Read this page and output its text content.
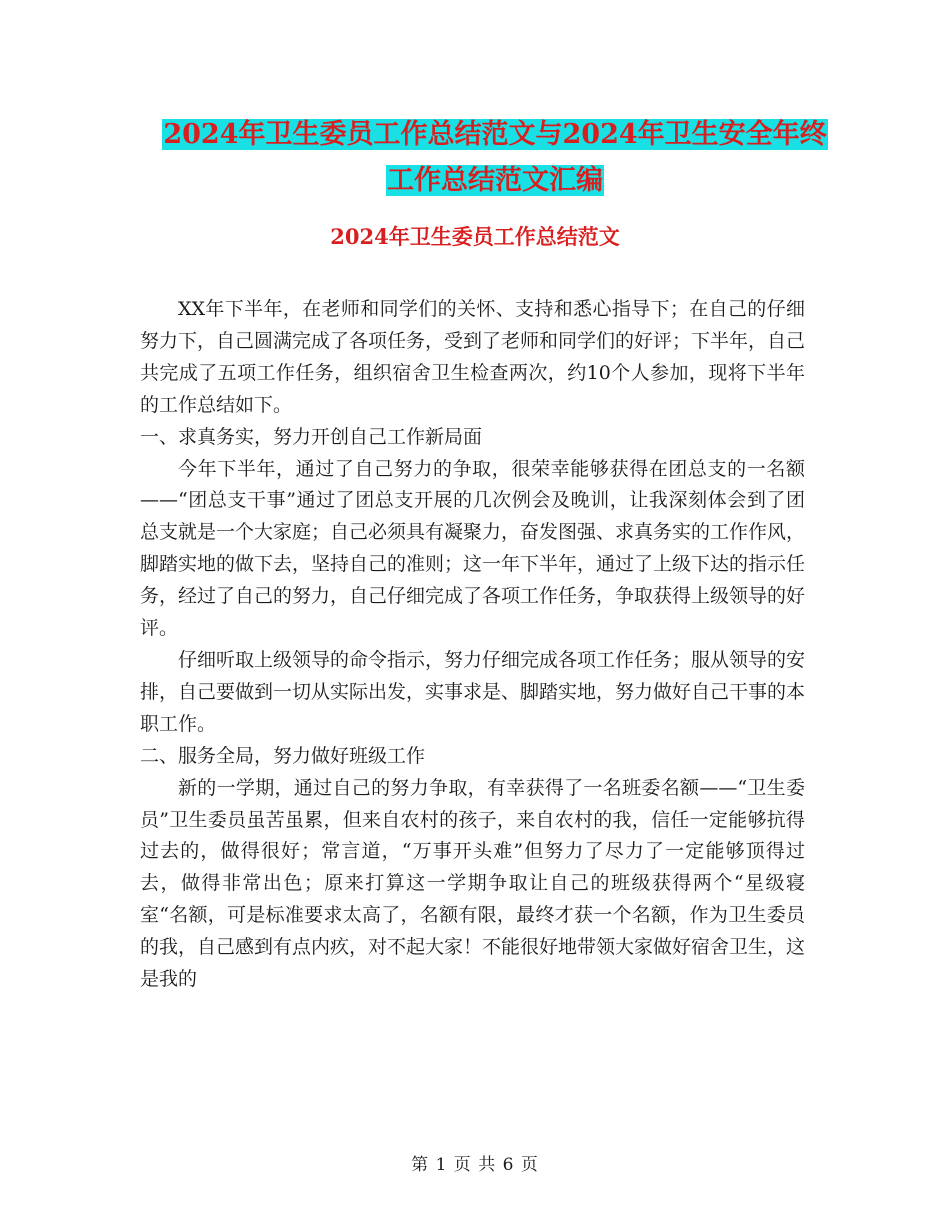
2024年卫生委员工作总结范文与2024年卫生安全年终
工作总结范文汇编
2024年卫生委员工作总结范文

XX年下半年，在老师和同学们的关怀、支持和悉心指导下；在自己的仔细努力下，自己圆满完成了各项任务，受到了老师和同学们的好评；下半年，自己共完成了五项工作任务，组织宿舍卫生检查两次，约10个人参加，现将下半年的工作总结如下。

一、求真务实，努力开创自己工作新局面

今年下半年，通过了自己努力的争取，很荣幸能够获得在团总支的一名额——“团总支干事”通过了团总支开展的几次例会及晚训，让我深刻体会到了团总支就是一个大家庭；自己必须具有凝聚力，奋发图强、求真务实的工作作风，脚踏实地的做下去，坚持自己的准则；这一年下半年，通过了上级下达的指示任务，经过了自己的努力，自己仔细完成了各项工作任务，争取获得上级领导的好评。

仔细听取上级领导的命令指示，努力仔细完成各项工作任务；服从领导的安排，自己要做到一切从实际出发，实事求是、脚踏实地，努力做好自己干事的本职工作。

二、服务全局，努力做好班级工作

新的一学期，通过自己的努力争取，有幸获得了一名班委名额——“卫生委员”卫生委员虽苦虽累，但来自农村的孩子，来自农村的我，信任一定能够抗得过去的，做得很好；常言道，“万事开头难”但努力了尽力了一定能够顶得过去，做得非常出色；原来打算这一学期争取让自己的班级获得两个“星级寝室“名额，可是标准要求太高了，名额有限，最终才获一个名额，作为卫生委员的我，自己感到有点内疚，对不起大家！不能很好地带领大家做好宿舍卫生，这是我的

第 1 页 共 6 页
